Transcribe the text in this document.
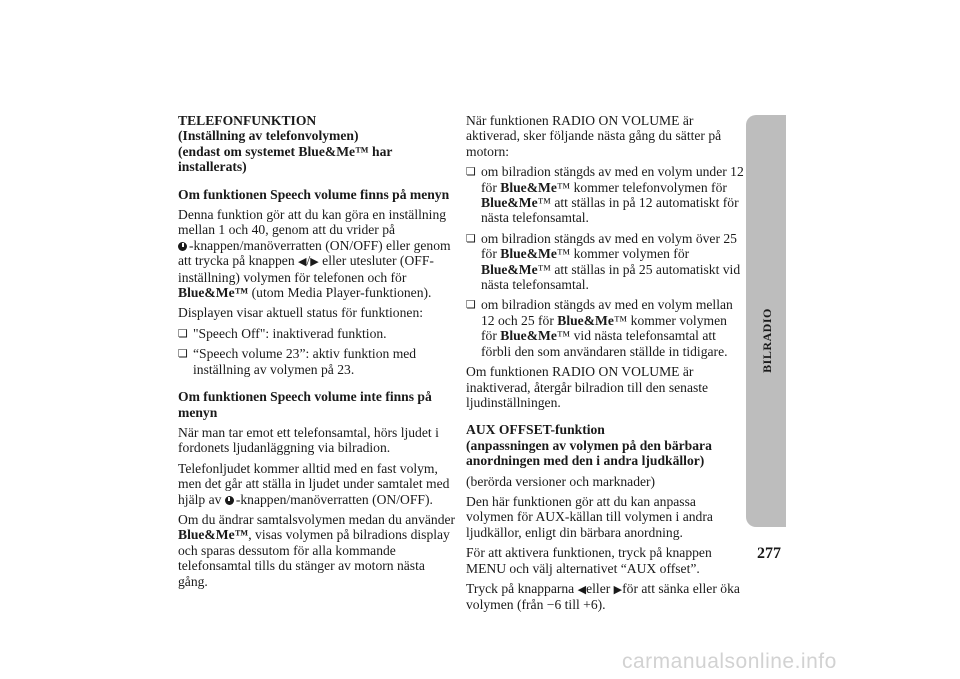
TELEFONFUNKTION
(Inställning av telefonvolymen)
(endast om systemet Blue&Me™ har
installerats)

Om funktionen Speech volume finns på menyn

Denna funktion gör att du kan göra en inställning mellan 1 och 40, genom att du vrider på
-knappen/manöverratten (ON/OFF) eller genom att trycka på knappen ◀/▶ eller utesluter (OFF-inställning) volymen för telefonen och för Blue&Me™ (utom Media Player-funktionen).

Displayen visar aktuell status för funktionen:

❏ "Speech Off": inaktiverad funktion.

❏ “Speech volume 23”: aktiv funktion med inställning av volymen på 23.

Om funktionen Speech volume inte finns på menyn

När man tar emot ett telefonsamtal, hörs ljudet i fordonets ljudanläggning via bilradion.

Telefonljudet kommer alltid med en fast volym, men det går att ställa in ljudet under samtalet med hjälp av -knappen/manöverratten (ON/OFF).

Om du ändrar samtalsvolymen medan du använder Blue&Me™, visas volymen på bilradions display och sparas dessutom för alla kommande telefonsamtal tills du stänger av motorn nästa gång.

När funktionen RADIO ON VOLUME är aktiverad, sker följande nästa gång du sätter på motorn:

❏ om bilradion stängds av med en volym under 12 för Blue&Me™ kommer telefonvolymen för Blue&Me™ att ställas in på 12 automatiskt för nästa telefonsamtal.

❏ om bilradion stängds av med en volym över 25 för Blue&Me™ kommer volymen för Blue&Me™ att ställas in på 25 automatiskt vid nästa telefonsamtal.

❏ om bilradion stängds av med en volym mellan 12 och 25 för Blue&Me™ kommer volymen för Blue&Me™ vid nästa telefonsamtal att förbli den som användaren ställde in tidigare.

Om funktionen RADIO ON VOLUME är inaktiverad, återgår bilradion till den senaste ljudinställningen.

AUX OFFSET-funktion
(anpassningen av volymen på den bärbara anordningen med den i andra ljudkällor)

(berörda versioner och marknader)

Den här funktionen gör att du kan anpassa volymen för AUX-källan till volymen i andra ljudkällor, enligt din bärbara anordning.

För att aktivera funktionen, tryck på knappen MENU och välj alternativet “AUX offset”.

Tryck på knapparna ◀eller ▶för att sänka eller öka volymen (från −6 till +6).

BILRADIO
277
carmanualsonline.info
